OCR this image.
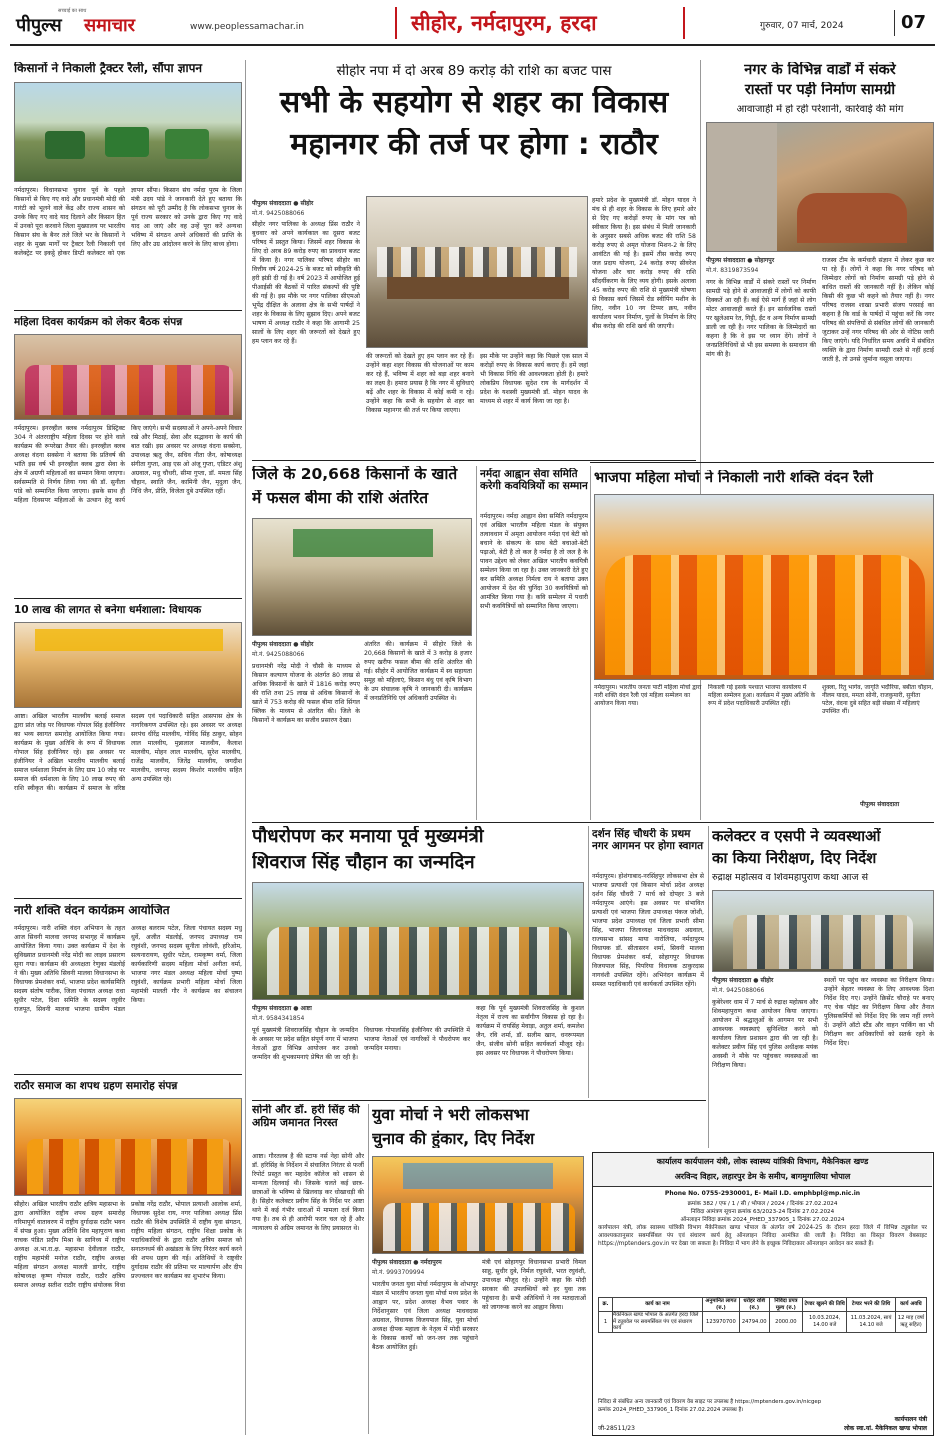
सच्चाई का साथ
पीपुल्स समाचार	www.peoplessamachar.in	सीहोर, नर्मदापुरम, हरदा	गुरुवार, 07 मार्च, 2024	07
किसानों ने निकाली ट्रैक्टर रैली, सौंपा ज्ञापन
नर्मदापुरम। विधानसभा चुनाव पूर्व के पहले किसानों से किए गए वादे और प्रधानमंत्री मोदी की गारंटी को भूलने वाले केंद्र और राज्य शासन को उनके किए गए वादे याद दिलाने और किसान हित में उनको पूरा करवाने जिला मुख्यालय पर भारतीय किसान संघ के बैनर तले जिले भर के किसानों ने शहर के मुख्य मार्गों पर ट्रैक्टर रैली निकाली एवं कलेक्ट्रेट पर इकट्ठे होकर डिप्टी कलेक्टर को एक ज्ञापन सौंपा। किसान संघ नर्मदा पुरम के जिला मंत्री उदय पांडे ने जानकारी देते हुए बताया कि संगठन को पूरी उम्मीद है कि लोकसभा चुनाव के पूर्व राज्य सरकार को उनके द्वारा किए गए वादे याद आ जाएं और वह उन्हें पूरा करें अन्यथा भविष्य में संगठन अपने अधिकारों की प्राप्ति के लिए और उग्र आंदोलन करने के लिए बाध्य होगा।
महिला दिवस कार्यक्रम को लेकर बैठक संपन्न
नर्मदापुरम। इनरव्हील क्लब नर्मदापुरम डिस्ट्रिक्ट 304 ने अंतरराष्ट्रीय महिला दिवस पर होने वाले कार्यक्रम की रूपरेखा तैयार की। इनरव्हील क्लब अध्यक्ष वंदना सक्सेना ने बताया कि प्रतिवर्ष की भांति इस वर्ष भी इनरव्हील क्लब द्वारा सेवा के क्षेत्र में अग्रणी महिलाओं का सम्मान किया जाएगा। सर्वसम्मति से निर्णय लिया गया की डॉ. सुनीता पांडे को सम्मानित किया जाएगा। इसके साथ ही महिला दिवसपर महिलाओं के उत्थान हेतु कार्य किए जाएंगे। सभी सदस्याओं ने अपने-अपने विचार रखे और मिठाई, सेवा और सद्भावना के कार्य की बात रखी। इस अवसर पर अध्यक्ष वंदना सक्सेना, उपाध्यक्ष ऋतु जैन, सचिव नीता जैन, कोषाध्यक्ष संगीता गुप्ता, आइ एस ओ अंजू गुप्ता, एडिटर अंशु अग्रवाल, मधु चौधरी, सीमा गुप्ता, डॉ. ममता सिंह चौहान, स्वाति जैन, कामिनी जैन, मृदुला जैन, निधि जैन, प्रीति, विजेता दुबे उपस्थित रहीं।
10 लाख की लागत से बनेगा धर्मशाला: विधायक
आष्टा। अखिल भारतीय मालवीय बलाई समाज द्वारा प्रांत जोड़ पर विधायक गोपाल सिंह इंजीनियर का भव्य स्वागत समारोह आयोजित किया गया। कार्यक्रम के मुख्य अतिथि के रूप में विधायक गोपाल सिंह इंजीनियर रहे। इस अवसर पर इंजीनियर ने अखिल भारतीय मालवीय बलाई समाज धर्मशाला निर्माण के लिए ग्राम 10 जोड़ पर समाज की धर्मशाला के लिए 10 लाख रुपए की राशि स्वीकृत की। कार्यक्रम में समाज के वरिष्ठ सदस्य एवं पदाधिकारी सहित आसपास क्षेत्र के नागरिकगण उपस्थित रहे। इस अवसर पर अध्यक्ष सरपंच धीरेंद्र मालवीय, गोविंद सिंह ठाकुर, सोहन लाल मालवीय, मुन्नालाल मालवीय, कैलाश मालवीय, मोहन लाल मालवीय, सुरेश मालवीय, राजेंद्र मालवीय, जितेंद्र मालवीय, जगदीश मालवीय, जनपद सदस्य किशोर मालवीय सहित अन्य उपस्थित रहे।
नारी शक्ति वंदन कार्यक्रम आयोजित
नर्मदापुरम। नारी शक्ति वंदन अभियान के तहत आज सिवनी मालवा जनपद सभागृह में कार्यक्रम आयोजित किया गया। उक्त कार्यक्रम में देश के सुविख्यात प्रधानमंत्री नरेंद्र मोदी का लाइव प्रसारण सुना गया। कार्यक्रम की अध्यक्षता रेणुका मंडलोई ने की। मुख्य अतिथि सिवनी मालवा विधानसभा के विधायक प्रेमशंकर वर्मा, भाजपा प्रदेश कार्यसमिति सदस्य संतोष पारीक, जिला पंचायत अध्यक्ष राधा सुधीर पटेल, दिशा समिति के सदस्य रघुवीर राजपूत, सिवनी मालवा भाजपा ग्रामीण मंडल अध्यक्ष बलराम पटेल, जिला पंचायत सदस्य मधु धुर्वे, अजीत मंडलोई, जनपद उपाध्यक्ष राम रघुवंशी, जनपद सदस्य सुनीता लोवंशी, हरिओम, सत्यनारायण, सुधीर पटेल, रामकृष्ण वर्मा, जिला कार्यकारिणी सदस्य महिला मोर्चा अनीता वर्मा, भाजपा नगर मंडल अध्यक्ष महिला मोर्चा पुष्पा रघुवंशी, कार्यक्रम प्रभारी महिला मोर्चा जिला महामंत्री मालती गौर ने कार्यक्रम का संचालन किया।
राठौर समाज का शपथ ग्रहण समारोह संपन्न
सीहोर। अखिल भारतीय राठौर क्षत्रिय महासभा के द्वारा आयोजित राष्ट्रीय शपथ ग्रहण समारोह गरिमापूर्ण वातावरण में राष्ट्रीय दुर्गादास राठौर भवन में संपन्न हुआ। मुख्य अतिथि शिव महापुराण कथा वाचक पंडित प्रदीप मिश्रा के सानिध्य में राष्ट्रीय अध्यक्ष अ.भा.रा.क्ष. महासभा देवीलाल राठौर, राष्ट्रीय महामंत्री मनोज राठौर, राष्ट्रीय अध्यक्ष महिला संगठन अध्यक्ष मालती डागोर, राष्ट्रीय कोषाध्यक्ष कृष्ण गोपाल राठौर, राठौर क्षत्रिय समाज अध्यक्ष सतीश राठौर राष्ट्रीय संयोजक विधा प्रकोष्ठ नरेंद्र राठौर, भोपाल प्रत्याशी आलोक शर्मा, विधायक सुदेश राय, नगर पालिका अध्यक्ष प्रिंस राठौर की विशेष उपस्थिति में राष्ट्रीय युवा संगठन, राष्ट्रीय महिला संगठन, राष्ट्रीय शिक्षा प्रकोष्ठ के पदाधिकारियों के द्वारा राठौर क्षत्रिय समाज को सनातनधर्म की अखंडता के लिए निरंतर कार्य करने की शपथ ग्रहण की गई। अतिथियों ने राष्ट्रवीर दुर्गादास राठौर की प्रतिमा पर माल्यार्पण और दीप प्रज्ज्वलन कर कार्यक्रम का शुभारंभ किया।
सीहोर नपा में दो अरब 89 करोड़ की राशि का बजट पास
सभी के सहयोग से शहर का विकास
महानगर की तर्ज पर होगा : राठौर
पीपुल्स संवाददाता ● सीहोर
मो.नं. 9425088066
सीहोर नगर पालिका के अध्यक्ष प्रिंस राठौर ने बुधवार को अपने कार्यकाल का दूसरा बजट परिषद में प्रस्तुत किया। जिसमें शहर विकास के लिए दो अरब 89 करोड़ रुपए का प्रावधान बजट में किया है। नगर पालिका परिषद सीहोर का वित्तीय वर्ष 2024-25 के बजट को स्वीकृति की हरी झंडी दी गई है। वर्ष 2023 में आयोजित हुई पीआईसी की बैठकों में पारित संकल्पों की पुष्टि की गई है। इस मौके पर नगर पालिका सीएमओ भूपेंद्र दीक्षित के अलावा क्षेत्र के सभी पार्षदों ने शहर के विकास के लिए सुझाव दिए। अपने बजट भाषण में अध्यक्ष राठौर ने कहा कि आगामी 25 सालों के लिए शहर की जरूरतों को देखते हुए हम प्लान कर रहे हैं।
की जरूरतों को देखते हुए हम प्लान कर रहे हैं। उन्होंने कहा शहर विकास की योजनाओं पर काम कर रहे हैं, भविष्य में शहर को बड़ा शहर बनाने का लक्ष्य है। हमारा प्रयास है कि नगर में सुविधाएं बढ़ें और शहर के विकास में कोई कमी न रहे। उन्होंने कहा कि सभी के सहयोग से शहर का विकास महानगर की तर्ज पर किया जाएगा।
इस मौके पर उन्होंने कहा कि पिछले एक साल में करोड़ों रुपए के विकास कार्य कराए हैं। हमें जहां भी विकास निधि की आवश्यकता होती है। हमारे लोकप्रिय विधायक सुदेश राय के मार्गदर्शन में प्रदेश के यशस्वी मुख्यमंत्री डॉ. मोहन यादव के माध्यम से शहर में कार्य किया जा रहा है।
हमारे प्रदेश के मुख्यमंत्री डॉ. मोहन यादव ने मंच से ही शहर के विकास के लिए हमारे ओर से दिए गए करोड़ों रुपए के मांग पत्र को स्वीकार किया है। इस संबंध में मिली जानकारी के अनुसार सबसे अधिक बजट की राशि 58 करोड़ रुपए से अमृत योजना मिशन-2 के लिए आवंटित की गई है। इसमें तीस करोड़ रुपए जल प्रदाय योजना, 24 करोड़ रुपए सीवरेज योजना और चार करोड़ रुपए की राशि सौंदर्यीकरण के लिए व्यय होगी। इसके अलावा 45 करोड़ रुपए की राशि से मुख्यमंत्री घोषणा से विकास कार्य जिसमें रोड स्वीपिंग मशीन के लिए, नवीन 10 नग टिप्पर क्रय, नवीन कार्यालय भवन निर्माण, पुलों के निर्माण के लिए बीस करोड़ की राशि खर्च की जाएगी।
नगर के विभिन्न वार्डों में संकरे
रास्तों पर पड़ी निर्माण सामग्री
आवाजाही में हो रही परेशानी, कार्रवाई की मांग
पीपुल्स संवाददाता ● सोहागपुर
मो.नं. 8319873594
नगर के विभिन्न वार्डों में संकरे रास्तों पर निर्माण सामग्री पड़े होने से आवाजाही में लोगों को काफी दिक्कतें आ रही हैं। कई ऐसे मार्ग हैं जहां से लोग मोटर आवाजाही करते हैं। इन सार्वजनिक रास्तों पर खुलेआम रेत, गिट्टी, ईंट व अन्य निर्माण सामग्री डाली जा रही है। नगर पालिका के जिम्मेदारों का कहना है कि वे इस पर ध्यान देंगे। लोगों ने जनप्रतिनिधियों से भी इस समस्या के समाधान की मांग की है।
राजस्व टीम के कर्मचारी संज्ञान में लेकर कुछ कर पा रहे हैं। लोगों ने कहा कि नगर परिषद को जिम्मेदार लोगों को निर्माण सामग्री पड़े होने से बाधित रास्तों की जानकारी नहीं है। लेकिन कोई किसी की कुछ भी कहने को तैयार नहीं है। नगर परिषद राजस्व शाखा प्रभारी संजय परसाई का कहना है कि वार्ड के पार्षदों में पहुंचा करें कि नगर परिषद की संपत्तियों से संबंधित लोगों की जानकारी जुटाकर उन्हें नगर परिषद की ओर से नोटिस जारी किए जाएंगे। यदि निर्धारित समय अवधि में संबंधित व्यक्ति के द्वारा निर्माण सामग्री रास्ते से नहीं हटाई जाती है, तो उनसे जुर्माना वसूला जाएगा।
जिले के 20,668 किसानों के खाते
में फसल बीमा की राशि अंतरित
पीपुल्स संवाददाता ● सीहोर
मो.नं. 9425088066
प्रधानमंत्री नरेंद्र मोदी ने चौसी के माध्यम से किसान कल्याण योजना के अंतर्गत 80 लाख से अधिक किसानों के खाते में 1816 करोड़ रुपए की राशि तथा 25 लाख से अधिक किसानों के खाते में 753 करोड़ की फसल बीमा राशि सिंगल क्लिक के माध्यम से अंतरित की। जिले के किसानों ने कार्यक्रम का सजीव प्रसारण देखा।
अंतरित की। कार्यक्रम में सीहोर जिले के 20,668 किसानों के खाते में 3 करोड़ 8 हजार रुपए खरीफ फसल बीमा की राशि अंतरित की गई। सीहोर में आयोजित कार्यक्रम में स्व सहायता समूह को महिलाएं, किसान बंधु एवं कृषि विभाग के उप संचालक कृषि ने जानकारी दी। कार्यक्रम में जनप्रतिनिधि एवं अधिकारी उपस्थित थे।
नर्मदा आह्वान सेवा समिति करेगी कवयित्रियों का सम्मान
नर्मदापुरम। नर्मदा आह्वान सेवा समिति नर्मदापुरम एवं अखिल भारतीय महिला मंडल के संयुक्त तत्वावधान में अमृता आयोजन नर्मदा एवं बेटी को बचाने के संकल्प के साथ बेटी बचाओ-बेटी पढ़ाओ, बेटी है तो कल है नर्मदा है तो जल है के पावन उद्देश्य को लेकर अखिल भारतीय कवयित्री सम्मेलन किया जा रहा है। उक्त जानकारी देते हुए कर समिति अध्यक्ष निर्मला राय ने बताया उक्त आयोजन में देश की चुनिंदा 30 कवयित्रियों को आमंत्रित किया गया है। कवि सम्मेलन में पधारी सभी कवयित्रियों को सम्मानित किया जाएगा।
भाजपा महिला मोर्चा ने निकाली नारी शक्ति वंदन रैली
नर्मदापुरम। भारतीय जनता पार्टी महिला मोर्चा द्वारा नारी शक्ति वंदन रैली एवं महिला सम्मेलन का आयोजन किया गया।
निकाली गई इसके पश्चात भाजपा कार्यालय में महिला सम्मेलन हुआ। कार्यक्रम में मुख्य अतिथि के रूप में प्रदेश पदाधिकारी उपस्थित रहीं।
शुक्ला, रितु भार्गव, जागृति भदौरिया, बबीता चौहान, नीलम यादव, ममता सोनी, राजकुमारी, सुनीता पटेल, वंदना दुबे सहित बड़ी संख्या में महिलाएं उपस्थित थीं।
पीपुल्स संवाददाता
पौधरोपण कर मनाया पूर्व मुख्यमंत्री
शिवराज सिंह चौहान का जन्मदिन
पीपुल्स संवाददाता ● आष्टा
मो.नं. 9584341854
पूर्व मुख्यमंत्री शिवराजसिंह चौहान के जन्मदिन के अवसर पर प्रदेश सहित संपूर्ण नगर में भाजपा नेताओं द्वारा विभिन्न आयोजन कर उनको जन्मदिन की शुभकामनाएं प्रेषित की जा रही है। विधायक गोपालसिंह इंजीनियर की उपस्थिति में भाजपा नेताओं एवं नागरिकों ने पौधरोपण कर जन्मदिन मनाया।
कहा कि पूर्व मुख्यमंत्री शिवराजसिंह के कुशल नेतृत्व में राज्य का सर्वांगीण विकास हो रहा है। कार्यक्रम में रायसिंह मेवाड़ा, अतुल शर्मा, कमलेश जैन, रवि शर्मा, डॉ. सलीम खान, धनरूपमल जैन, संजीव सोनी सहित कार्यकर्ता मौजूद रहे। इस अवसर पर विधायक ने पौधरोपण किया।
दर्शन सिंह चौधरी के प्रथम नगर आगमन पर होगा स्वागत
नर्मदापुरम। होशंगाबाद-नरसिंहपुर लोकसभा क्षेत्र से भाजपा प्रत्याशी एवं किसान मोर्चा प्रदेश अध्यक्ष दर्शन सिंह चौधरी 7 मार्च को दोपहर 3 बजे नर्मदापुरम आएंगे। इस अवसर पर संभावित प्रत्याशी एवं भाजपा जिला उपाध्यक्ष पंकज जोशी, भाजपा प्रदेश उपाध्यक्ष एवं जिला प्रभारी सीमा सिंह, भाजपा जिलाध्यक्ष माधवदास अग्रवाल, राज्यसभा सांसद माया नारोलिया, नर्मदापुरम विधायक डॉ. सीतासरन शर्मा, सिवनी मालवा विधायक प्रेमशंकर वर्मा, सोहागपुर विधायक विजयपाल सिंह, पिपरिया विधायक ठाकुरदास नागवंशी उपस्थित रहेंगे। अभिनंदन कार्यक्रम में समस्त पदाधिकारी एवं कार्यकर्ता उपस्थित रहेंगे।
कलेक्टर व एसपी ने व्यवस्थाओं
का किया निरीक्षण, दिए निर्देश
रुद्राक्ष महोत्सव व शिवमहापुराण कथा आज से
पीपुल्स संवाददाता ● सीहोर
मो.नं. 9425088066
कुबेरेश्वर धाम में 7 मार्च से रुद्राक्ष महोत्सव और शिवमहापुराण कथा आयोजन किया जाएगा। आयोजन में श्रद्धालुओं के आगमन पर सभी आवश्यक व्यवस्थाएं सुनिश्चित करने को कार्यालय जिला प्रशासन द्वारा की जा रही है। कलेक्टर प्रवीण सिंह एवं पुलिस अधीक्षक मयंक अवस्थी ने मौके पर पहुंचकर व्यवस्थाओं का निरीक्षण किया।
स्थलों पर पहुंच कर व्यवस्था का निरीक्षण किया। उन्होंने बेहतर व्यवस्था के लिए आवश्यक दिशा निर्देश दिए गए। उन्होंने क्रिसेंट चौराहे पर बनाए गए चेक पॉइंट का निरीक्षण किया और तैनात पुलिसकर्मियों को निर्देश दिए कि जाम नहीं लगने दें। उन्होंने ऑटो स्टैंड और वाहन पार्किंग का भी निरीक्षण कर अधिकारियों को सतर्क रहने के निर्देश दिए।
सोनी और डॉ. हरी सिंह की अग्रिम जमानत निरस्त
आष्टा। गौरतलब है की स्टाफ नर्स नेहा सोनी और डॉ. हरिसिंह के निर्देशन में संचालित निरंतर से फर्जी रिपोर्ट प्रस्तुत कर महादेव कॉलेज को शासन से मान्यता दिलवाई थी। जिसके चलते कई छात्र-छात्राओं के भविष्य से खिलवाड़ कर धोखाधड़ी की है। सिहोर कलेक्टर प्रवीण सिंह के निर्देश पर आष्टा थाने में कई गंभीर धाराओं में मामला दर्ज किया गया है। तब से ही आरोपी फरार चल रहे हैं और न्यायालय से अग्रिम जमानत के लिए प्रयासरत थे।
युवा मोर्चा ने भरी लोकसभा
चुनाव की हुंकार, दिए निर्देश
पीपुल्स संवाददाता ● नर्मदापुरम
मो.नं. 9993709994
भारतीय जनता युवा मोर्चा नर्मदापुरम के शोभापुर मंडल में भारतीय जनता युवा मोर्चा मध्य प्रदेश के आह्वान पर, प्रदेश अध्यक्ष वैभव पवार के निर्देशानुसार एवं जिला अध्यक्ष माधवदास अग्रवाल, विधायक विजयपाल सिंह, युवा मोर्चा अध्यक्ष दीपक महाला के नेतृत्व में मोदी सरकार के विकास कार्यों को जन-जन तक पहुंचाने बैठक आयोजित हुई।
मंत्री एवं सोहागपुर विधानसभा प्रभारी विमल साहू, सुधीर दुबे, निर्मल रघुवंशी, भरत रघुवंशी, उपाध्यक्ष मौजूद रहे। उन्होंने कहा कि मोदी सरकार की उपलब्धियों को हर युवा तक पहुंचाना है। सभी अतिथियों ने नव मतदाताओं को जागरूक करने का आह्वान किया।
कार्यालय कार्यपालन यंत्री, लोक स्वास्थ्य यांत्रिकी विभाग, मैकेनिकल खण्ड
अरविन्द विहार, लहारपुर डेम के समीप, बागमुगालिया भोपाल
Phone No. 0755-2930001, E- Mail I.D. emphbpl@mp.nic.in
क्रमांक 382 / एफ / 1 / सी / भोपाल / 2024 / दिनांक 27.02.2024
निविदा आमंत्रण सूचना क्रमांक 63/2023-24 दिनांक 27.02.2024
ऑनलाइन निविदा क्रमांक 2024_PHED_337905_1 दिनांक 27.02.2024
कार्यपालन यंत्री, लोक स्वास्थ्य यांत्रिकी विभाग मैकेनिकल खण्ड भोपाल के अंतर्गत वर्ष 2024-25 के दौरान हरदा जिले में विभिन्न ट्यूबवेल पर आवश्यकतानुसार सबमर्सिबल पंप एवं संधारण कार्य हेतु ऑनलाइन निविदा आमंत्रित की जाती है। निविदा का विस्तृत विवरण वेबसाइट https://mptenders.gov.in पर देखा जा सकता है। निविदा में भाग लेने के इच्छुक निविदाकार ऑनलाइन आवेदन कर सकते हैं।
क्र.	कार्य का नाम	अनुमानित लागत (रु.)	धरोहर राशि (रु.)	निविदा प्रपत्र मूल्य (रु.)	टेण्डर खुलने की तिथि	टेण्डर भरने की तिथि	कार्य अवधि
1	मैकेनिकल खण्ड भोपाल के अंतर्गत हरदा जिले में ट्यूबवेल पर सबमर्सिबल पंप एवं संधारण कार्य	123970700	24794.00	2000.00	10.03.2024, 14.00 बजे	11.03.2024, सायं 14.10 बजे	12 माह (वर्षा ऋतु सहित)
निविदा से संबंधित अन्य जानकारी एवं विवरण वेब साइट पर उपलब्ध है https://mptenders.gov.in/nicgep
क्रमांक 2024_PHED_337906_1 दिनांक 27.02.2024 उपलब्ध है।
कार्यपालन यंत्री
लोक स्वा.यां. मैकेनिकल खण्ड भोपाल
जी-28511/23
